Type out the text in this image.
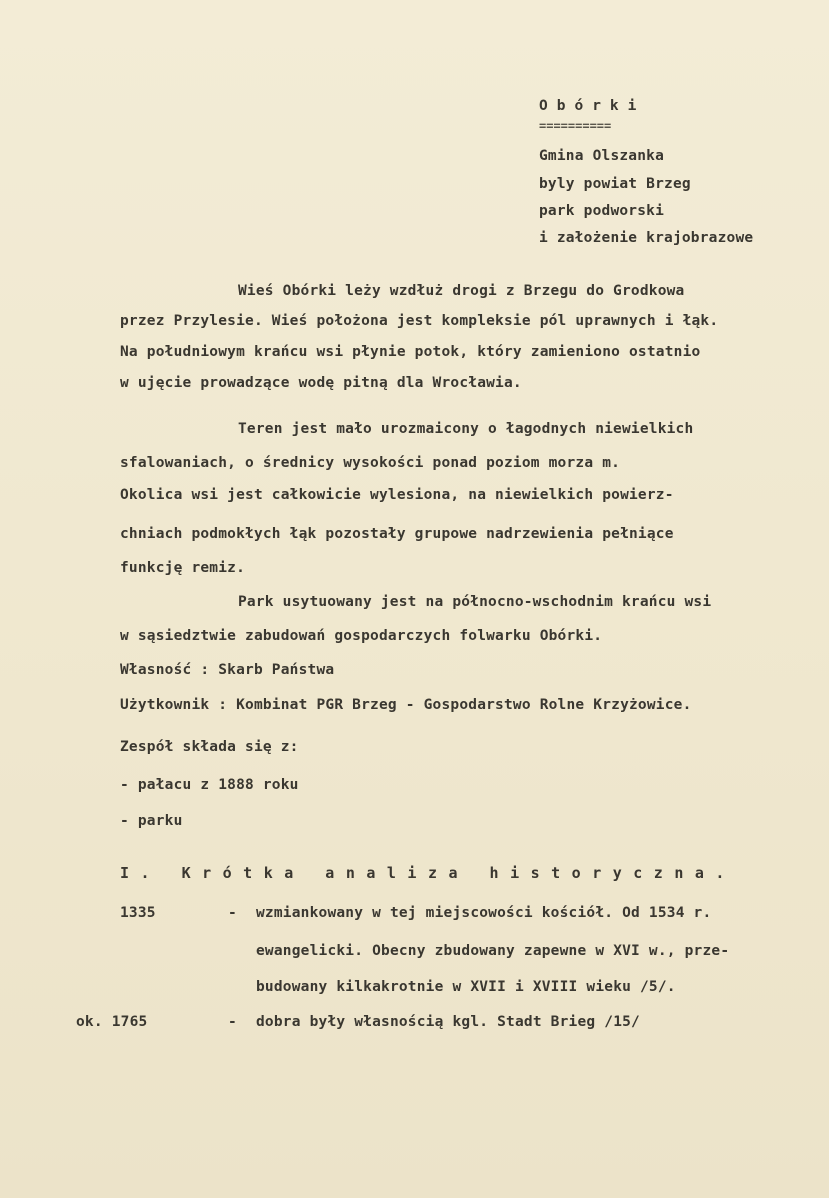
Obórki
==========
Gmina Olszanka
byly powiat Brzeg
park podworski
i założenie krajobrazowe
Wieś Obórki leży wzdłuż drogi z Brzegu do Grodkowa
przez Przylesie. Wieś położona jest kompleksie pól uprawnych i łąk.
Na południowym krańcu wsi płynie potok, który zamieniono ostatnio
w ujęcie prowadzące wodę pitną dla Wrocławia.
Teren jest mało urozmaicony o łagodnych niewielkich
sfalowaniach, o średnicy wysokości ponad poziom morza m.
Okolica wsi jest całkowicie wylesiona, na niewielkich powierz-
chniach podmokłych łąk pozostały grupowe nadrzewienia pełniące
funkcję remiz.
Park usytuowany jest na północno-wschodnim krańcu wsi
w sąsiedztwie zabudowań gospodarczych folwarku Obórki.
Własność : Skarb Państwa
Użytkownik : Kombinat PGR Brzeg - Gospodarstwo Rolne Krzyżowice.
Zespół składa się z:
- pałacu z 1888 roku
- parku
I. Krótka analiza historyczna.
1335	- wzmiankowany w tej miejscowości kościół. Od 1534 r.
ewangelicki. Obecny zbudowany zapewne w XVI w., prze-
budowany kilkakrotnie w XVII i XVIII wieku /5/.
ok. 1765	- dobra były własnością kgl. Stadt Brieg /15/
